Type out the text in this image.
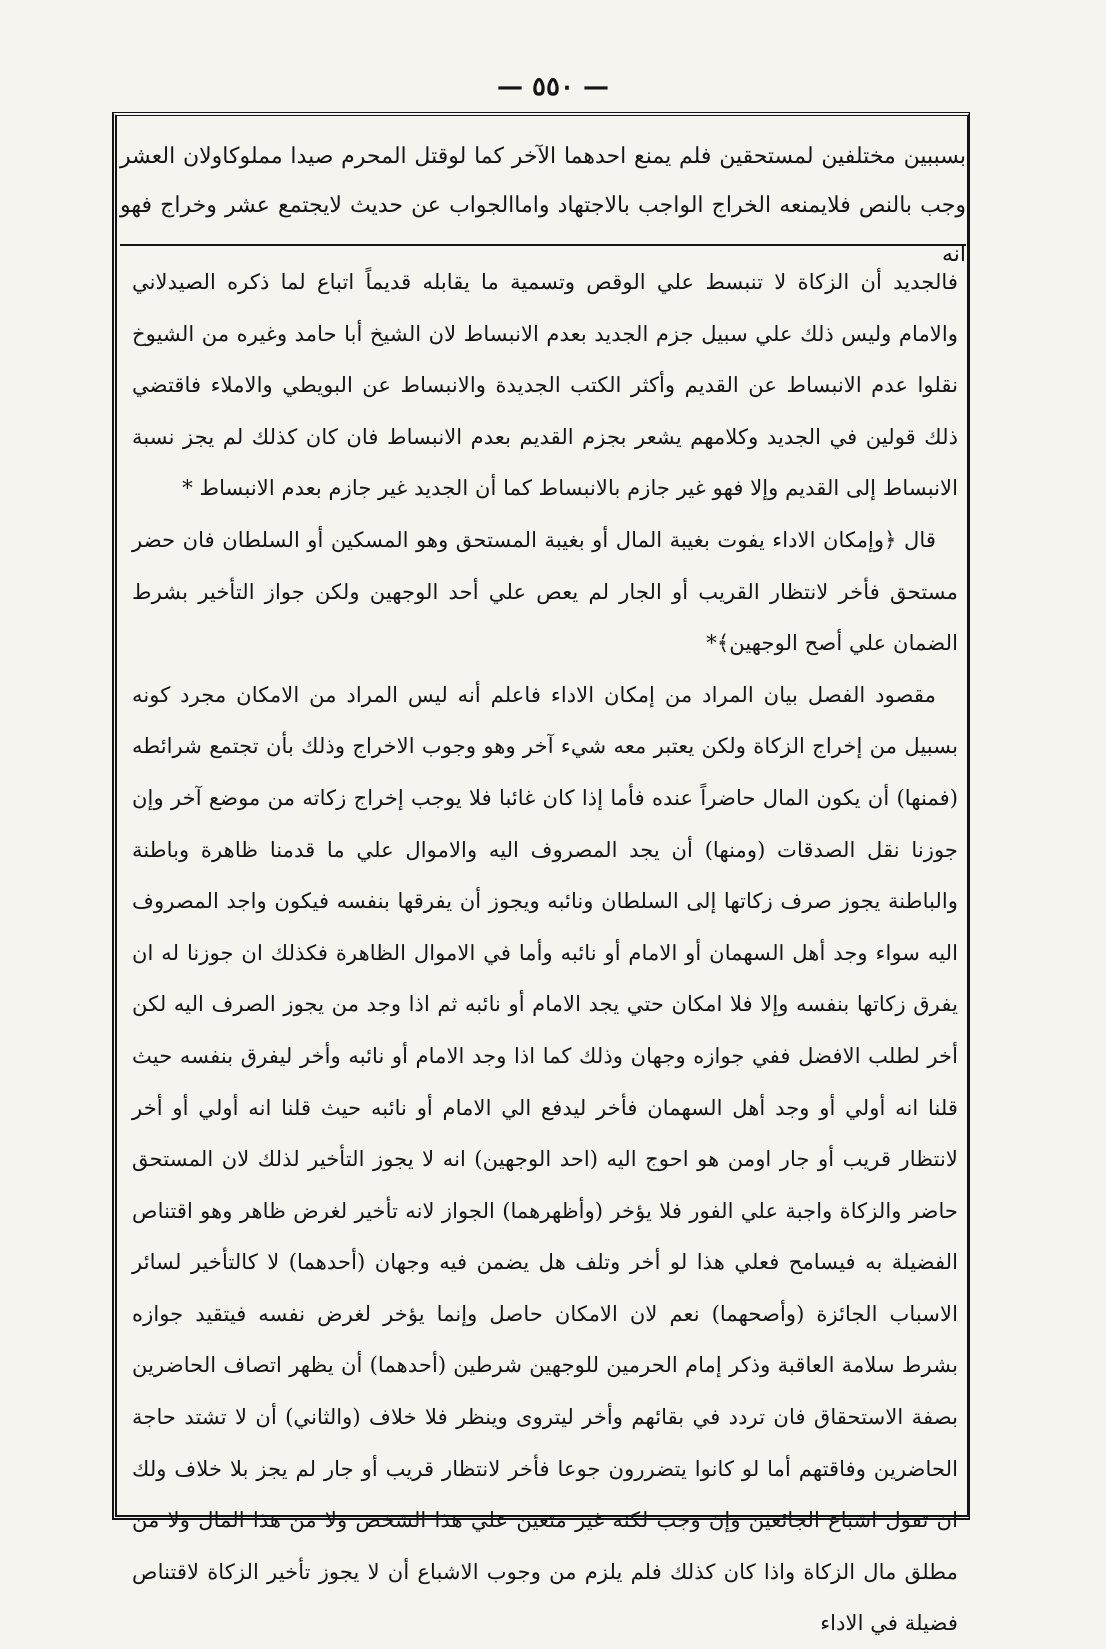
— ٥٥٠ —

بسببين مختلفين لمستحقين فلم يمنع احدهما الآخر كما لوقتل المحرم صيدا مملوكاولان العشر وجب بالنص فلايمنعه الخراج الواجب بالاجتهاد واماالجواب عن حديث لايجتمع عشر وخراج فهو انه

فالجديد أن الزكاة لا تنبسط علي الوقص وتسمية ما يقابله قديماً اتباع لما ذكره الصيدلاني والامام وليس ذلك علي سبيل جزم الجديد بعدم الانبساط لان الشيخ أبا حامد وغيره من الشيوخ نقلوا عدم الانبساط عن القديم وأكثر الكتب الجديدة والانبساط عن البويطي والاملاء فاقتضي ذلك قولين في الجديد وكلامهم يشعر بجزم القديم بعدم الانبساط فان كان كذلك لم يجز نسبة الانبساط إلى القديم وإلا فهو غير جازم بالانبساط كما أن الجديد غير جازم بعدم الانبساط *

قال ﴿وإمكان الاداء يفوت بغيبة المال أو بغيبة المستحق وهو المسكين أو السلطان فان حضر مستحق فأخر لانتظار القريب أو الجار لم يعص علي أحد الوجهين ولكن جواز التأخير بشرط الضمان علي أصح الوجهين﴾*

مقصود الفصل بيان المراد من إمكان الاداء فاعلم أنه ليس المراد من الامكان مجرد كونه بسبيل من إخراج الزكاة ولكن يعتبر معه شيء آخر وهو وجوب الاخراج وذلك بأن تجتمع شرائطه (فمنها) أن يكون المال حاضراً عنده فأما إذا كان غائبا فلا يوجب إخراج زكاته من موضع آخر وإن جوزنا نقل الصدقات (ومنها) أن يجد المصروف اليه والاموال علي ما قدمنا ظاهرة وباطنة والباطنة يجوز صرف زكاتها إلى السلطان ونائبه ويجوز أن يفرقها بنفسه فيكون واجد المصروف اليه سواء وجد أهل السهمان أو الامام أو نائبه وأما في الاموال الظاهرة فكذلك ان جوزنا له ان يفرق زكاتها بنفسه وإلا فلا امكان حتي يجد الامام أو نائبه ثم اذا وجد من يجوز الصرف اليه لكن أخر لطلب الافضل ففي جوازه وجهان وذلك كما اذا وجد الامام أو نائبه وأخر ليفرق بنفسه حيث قلنا انه أولي أو وجد أهل السهمان فأخر ليدفع الي الامام أو نائبه حيث قلنا انه أولي أو أخر لانتظار قريب أو جار اومن هو احوج اليه (احد الوجهين) انه لا يجوز التأخير لذلك لان المستحق حاضر والزكاة واجبة علي الفور فلا يؤخر (وأظهرهما) الجواز لانه تأخير لغرض ظاهر وهو اقتناص الفضيلة به فيسامح فعلي هذا لو أخر وتلف هل يضمن فيه وجهان (أحدهما) لا كالتأخير لسائر الاسباب الجائزة (وأصحهما) نعم لان الامكان حاصل وإنما يؤخر لغرض نفسه فيتقيد جوازه بشرط سلامة العاقبة وذكر إمام الحرمين للوجهين شرطين (أحدهما) أن يظهر اتصاف الحاضرين بصفة الاستحقاق فان تردد في بقائهم وأخر ليتروى وينظر فلا خلاف (والثاني) أن لا تشتد حاجة الحاضرين وفاقتهم أما لو كانوا يتضررون جوعا فأخر لانتظار قريب أو جار لم يجز بلا خلاف ولك ان تقول اشباع الجائعين وإن وجب لكنه غير متعين علي هذا الشخص ولا من هذا المال ولا من مطلق مال الزكاة واذا كان كذلك فلم يلزم من وجوب الاشباع أن لا يجوز تأخير الزكاة لاقتناص فضيلة في الاداء
